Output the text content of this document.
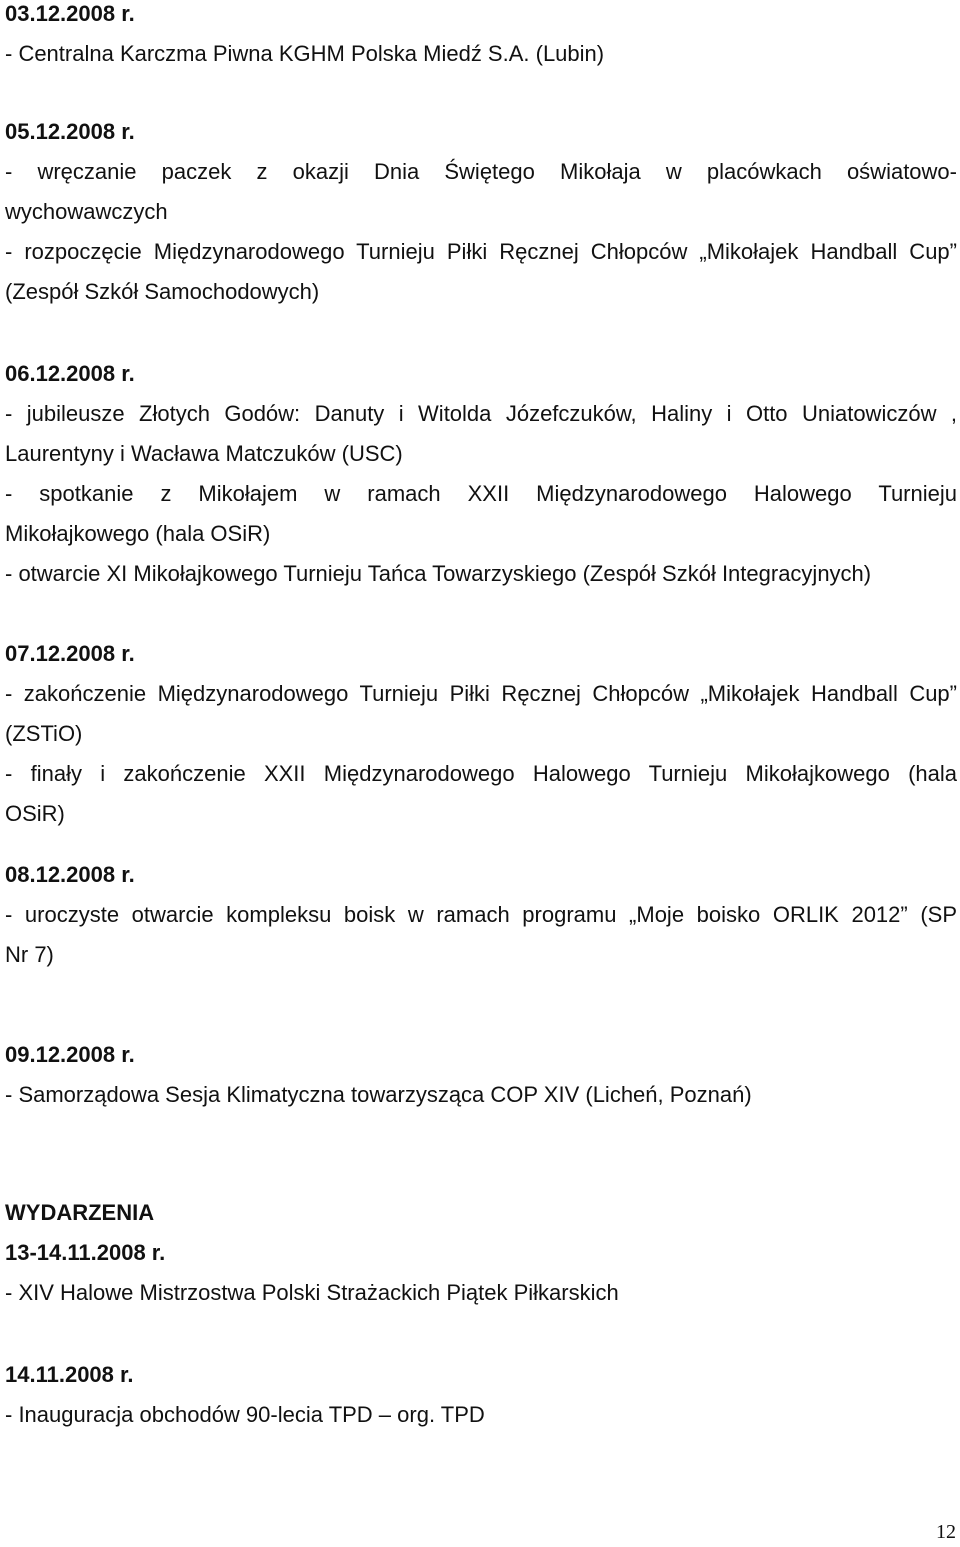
03.12.2008 r.
- Centralna Karczma Piwna KGHM Polska Miedź S.A. (Lubin)
05.12.2008 r.
- wręczanie paczek z okazji Dnia Świętego Mikołaja w placówkach oświatowo-
wychowawczych
- rozpoczęcie Międzynarodowego Turnieju Piłki Ręcznej Chłopców „Mikołajek Handball Cup”
(Zespół Szkół Samochodowych)
06.12.2008 r.
- jubileusze Złotych Godów: Danuty i Witolda Józefczuków, Haliny i Otto Uniatowiczów ,
Laurentyny i Wacława Matczuków (USC)
- spotkanie z Mikołajem w ramach XXII Międzynarodowego Halowego Turnieju
Mikołajkowego (hala OSiR)
- otwarcie XI Mikołajkowego Turnieju Tańca Towarzyskiego (Zespół Szkół Integracyjnych)
07.12.2008 r.
- zakończenie Międzynarodowego Turnieju Piłki Ręcznej Chłopców „Mikołajek Handball Cup”
(ZSTiO)
- finały i zakończenie XXII Międzynarodowego Halowego Turnieju Mikołajkowego (hala
OSiR)
08.12.2008 r.
- uroczyste otwarcie kompleksu boisk w ramach programu „Moje boisko ORLIK 2012” (SP
Nr 7)
09.12.2008 r.
- Samorządowa Sesja Klimatyczna towarzysząca COP XIV (Licheń, Poznań)
WYDARZENIA
13-14.11.2008 r.
- XIV Halowe Mistrzostwa Polski Strażackich Piątek Piłkarskich
14.11.2008 r.
- Inauguracja obchodów 90-lecia TPD – org. TPD
12
